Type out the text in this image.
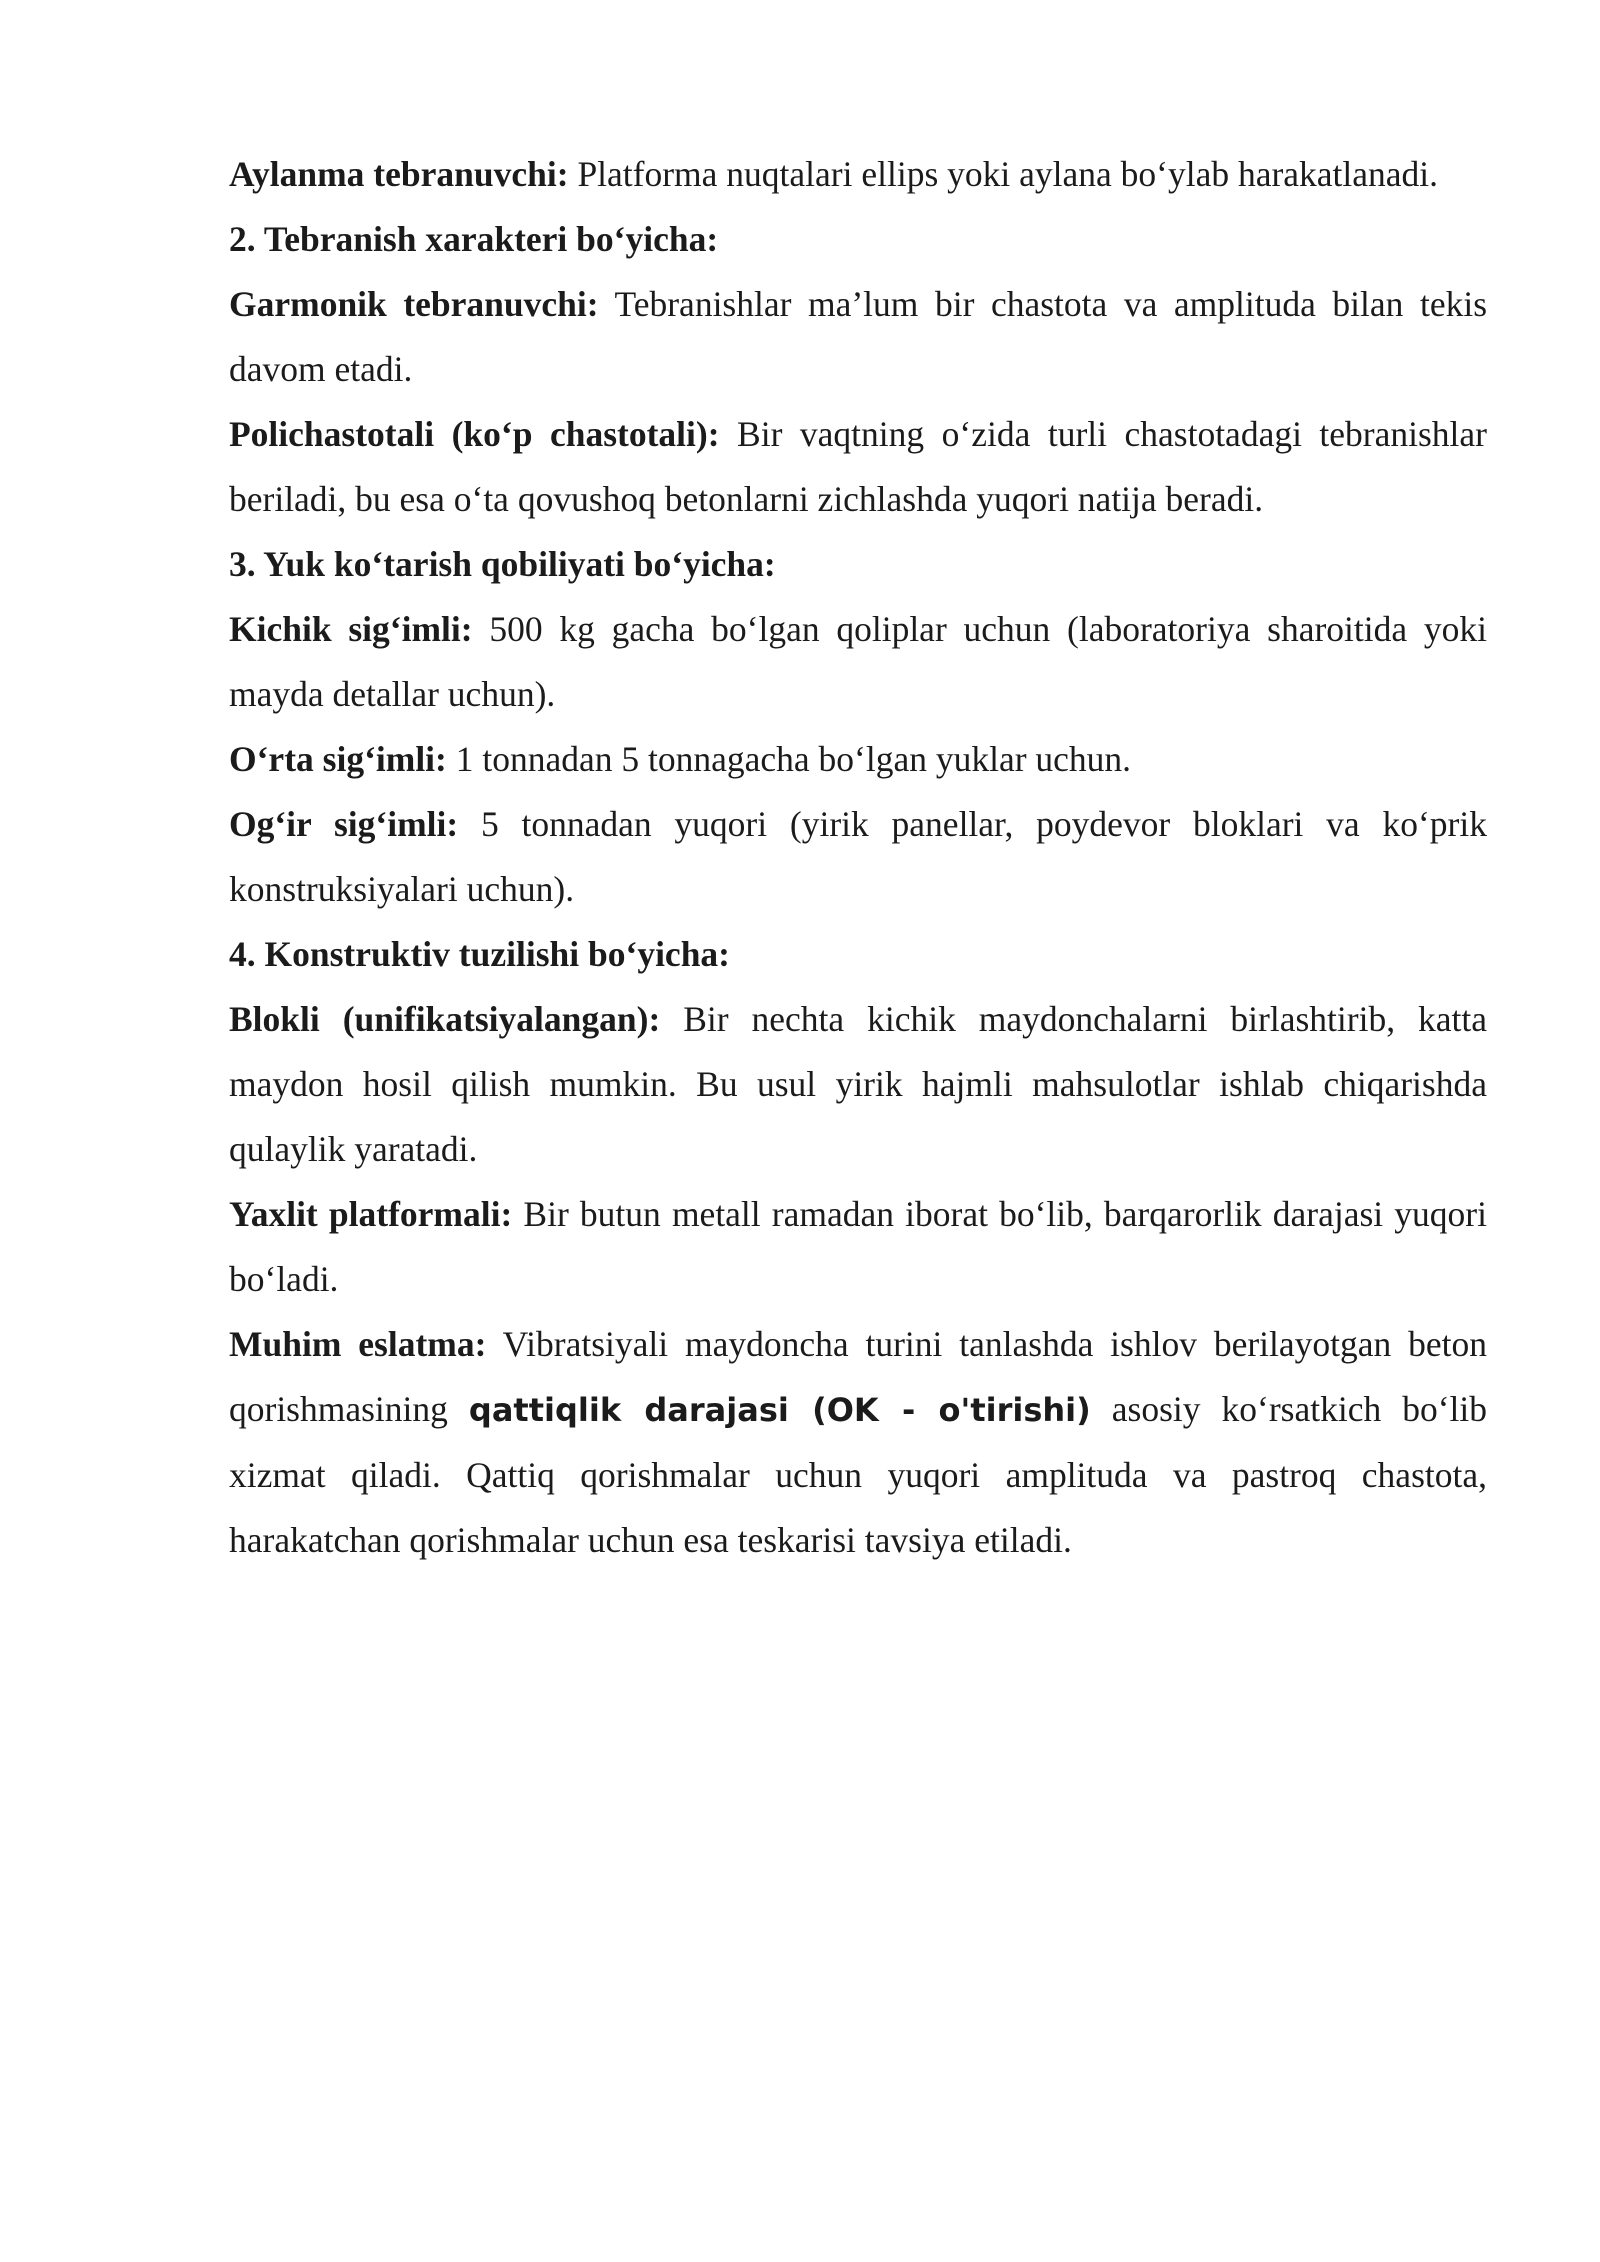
Aylanma tebranuvchi: Platforma nuqtalari ellips yoki aylana bo‘ylab harakatlanadi.

2. Tebranish xarakteri bo‘yicha:

Garmonik tebranuvchi: Tebranishlar ma’lum bir chastota va amplituda bilan tekis davom etadi.

Polichastotali (ko‘p chastotali): Bir vaqtning o‘zida turli chastotadagi tebranishlar beriladi, bu esa o‘ta qovushoq betonlarni zichlashda yuqori natija beradi.

3. Yuk ko‘tarish qobiliyati bo‘yicha:

Kichik sig‘imli: 500 kg gacha bo‘lgan qoliplar uchun (laboratoriya sharoitida yoki mayda detallar uchun).

O‘rta sig‘imli: 1 tonnadan 5 tonnagacha bo‘lgan yuklar uchun.

Og‘ir sig‘imli: 5 tonnadan yuqori (yirik panellar, poydevor bloklari va ko‘prik konstruksiyalari uchun).

4. Konstruktiv tuzilishi bo‘yicha:

Blokli (unifikatsiyalangan): Bir nechta kichik maydonchalarni birlashtirib, katta maydon hosil qilish mumkin. Bu usul yirik hajmli mahsulotlar ishlab chiqarishda qulaylik yaratadi.

Yaxlit platformali: Bir butun metall ramadan iborat bo‘lib, barqarorlik darajasi yuqori bo‘ladi.

Muhim eslatma: Vibratsiyali maydoncha turini tanlashda ishlov berilayotgan beton qorishmasining qattiqlik darajasi (OK - o'tirishi) asosiy ko‘rsatkich bo‘lib xizmat qiladi. Qattiq qorishmalar uchun yuqori amplituda va pastroq chastota, harakatchan qorishmalar uchun esa teskarisi tavsiya etiladi.
